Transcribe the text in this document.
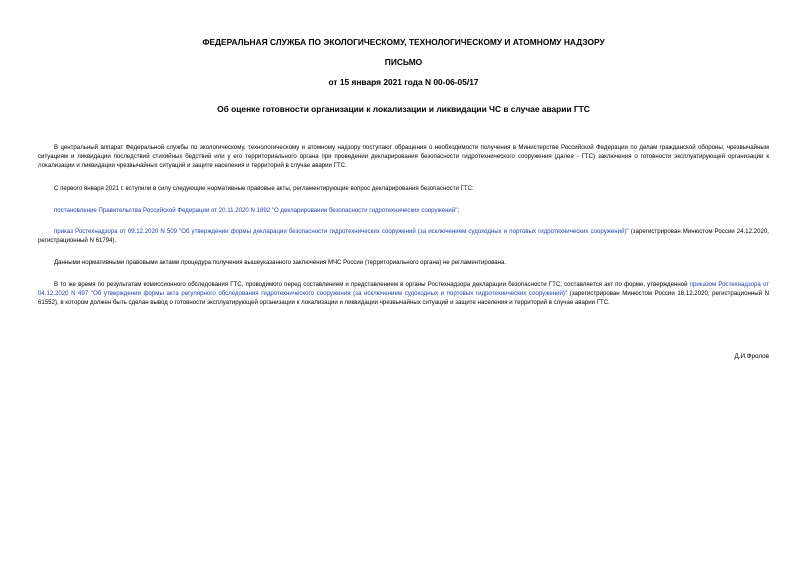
ФЕДЕРАЛЬНАЯ СЛУЖБА ПО ЭКОЛОГИЧЕСКОМУ, ТЕХНОЛОГИЧЕСКОМУ И АТОМНОМУ НАДЗОРУ
ПИСЬМО
от 15 января 2021 года N 00-06-05/17
Об оценке готовности организации к локализации и ликвидации ЧС в случае аварии ГТС

В центральный аппарат Федеральной службы по экологическому, технологическому и атомному надзору поступают обращения о необходимости получения в Министерстве Российской Федерации по делам гражданской обороны, чрезвычайным ситуациям и ликвидации последствий стихийных бедствий или у его территориального органа при проведении декларирования безопасности гидротехнического сооружения (далее - ГТС) заключения о готовности эксплуатирующей организации к локализации и ликвидации чрезвычайных ситуаций и защите населения и территорий в случае аварии ГТС.

С первого января 2021 г. вступили в силу следующие нормативные правовые акты, регламентирующие вопрос декларирования безопасности ГТС:

постановление Правительства Российской Федерации от 20.11.2020 N 1892 "О декларировании безопасности гидротехнических сооружений";

приказ Ростехнадзора от 09.12.2020 N 509 "Об утверждении формы декларации безопасности гидротехнических сооружений (за исключением судоходных и портовых гидротехнических сооружений)" (зарегистрирован Минюстом России 24.12.2020, регистрационный N 61794).

Данными нормативными правовыми актами процедура получения вышеуказанного заключения МЧС России (территориального органа) не регламентирована.

В то же время по результатам комиссионного обследования ГТС, проводимого перед составлением и представлением в органы Ростехнадзора декларации безопасности ГТС, составляется акт по форме, утвержденной приказом Ростехнадзора от 04.12.2020 N 497 "Об утверждении формы акта регулярного обследования гидротехнического сооружения (за исключением судоходных и портовых гидротехнических сооружений)" (зарегистрирован Минюстом России 18.12.2020, регистрационный N 61552), в котором должен быть сделан вывод о готовности эксплуатирующей организации к локализации и ликвидации чрезвычайных ситуаций и защите населения и территорий в случае аварии ГТС.

Д.И.Фролов
